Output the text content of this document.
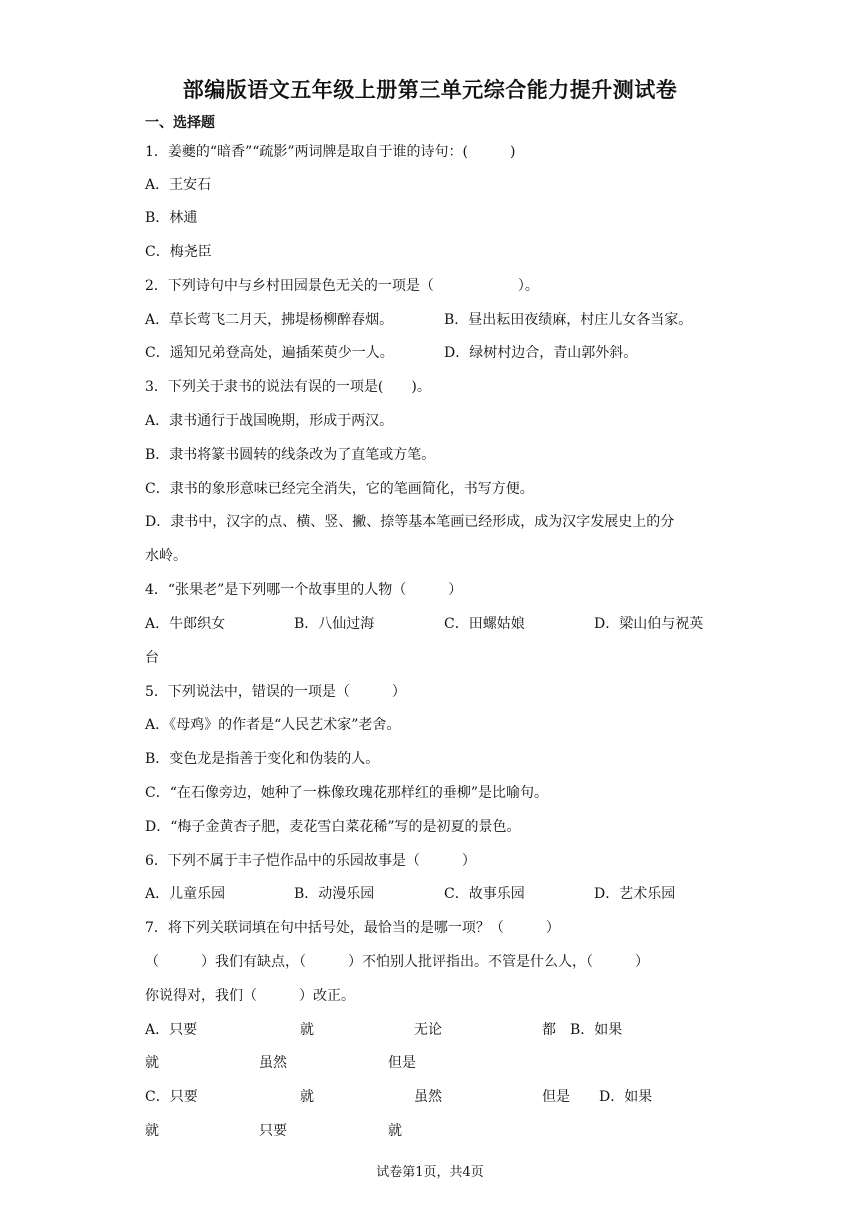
部编版语文五年级上册第三单元综合能力提升测试卷
一、选择题
1．姜夔的“暗香”“疏影”两词牌是取自于谁的诗句：(　　　)
A．王安石
B．林逋
C．梅尧臣
2．下列诗句中与乡村田园景色无关的一项是（　　　　　　）。
A．草长莺飞二月天，拂堤杨柳醉春烟。	B．昼出耘田夜绩麻，村庄儿女各当家。
C．遥知兄弟登高处，遍插茱萸少一人。	D．绿树村边合，青山郭外斜。
3．下列关于隶书的说法有误的一项是(　　)。
A．隶书通行于战国晚期，形成于两汉。
B．隶书将篆书圆转的线条改为了直笔或方笔。
C．隶书的象形意味已经完全消失，它的笔画简化，书写方便。
D．隶书中，汉字的点、横、竖、撇、捺等基本笔画已经形成，成为汉字发展史上的分
水岭。
4．“张果老”是下列哪一个故事里的人物（　　　）
A．牛郎织女	B．八仙过海	C．田螺姑娘	D．梁山伯与祝英
台
5．下列说法中，错误的一项是（　　　）
A．《母鸡》的作者是“人民艺术家”老舍。
B．变色龙是指善于变化和伪装的人。
C．“在石像旁边，她种了一株像玫瑰花那样红的垂柳”是比喻句。
D．“梅子金黄杏子肥，麦花雪白菜花稀”写的是初夏的景色。
6．下列不属于丰子恺作品中的乐园故事是（　　　）
A．儿童乐园	B．动漫乐园	C．故事乐园	D．艺术乐园
7．将下列关联词填在句中括号处，最恰当的是哪一项？（　　　）
（　　　）我们有缺点，（　　　）不怕别人批评指出。不管是什么人，（　　　）
你说得对，我们（　　　）改正。
A．只要	就	无论	都 B．如果
就	虽然	但是
C．只要	就	虽然	但是 D．如果
就	只要	就
试卷第1页，共4页
